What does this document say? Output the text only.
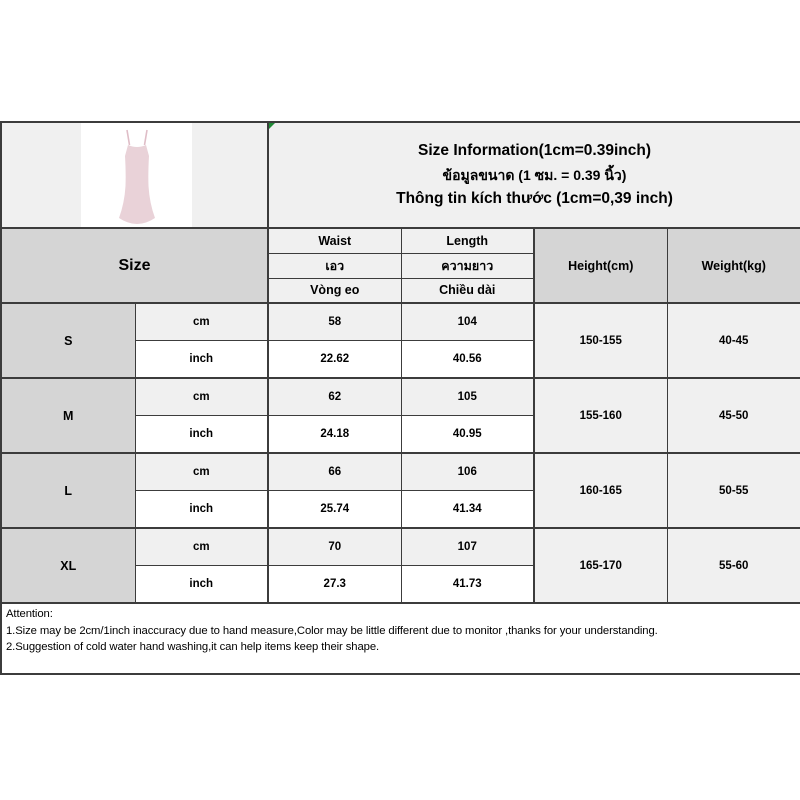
Size Information(1cm=0.39inch)
ข้อมูลขนาด (1 ซม. = 0.39 นิ้ว)
Thông tin kích thước (1cm=0,39 inch)			

Size		Waist	Length	Height(cm)	Weight(kg)
		เอว	ความยาว		
		Vòng eo	Chiều dài		
S	cm	58	104	150-155	40-45
	inch	22.62	40.56		
M	cm	62	105	155-160	45-50
	inch	24.18	40.95		
L	cm	66	106	160-165	50-55
	inch	25.74	41.34		
XL	cm	70	107	165-170	55-60
	inch	27.3	41.73		

Attention:
1.Size may be 2cm/1inch inaccuracy due to hand measure,Color may be little different due to monitor ,thanks for your understanding.
2.Suggestion of cold water hand washing,it can help items keep their shape.					
